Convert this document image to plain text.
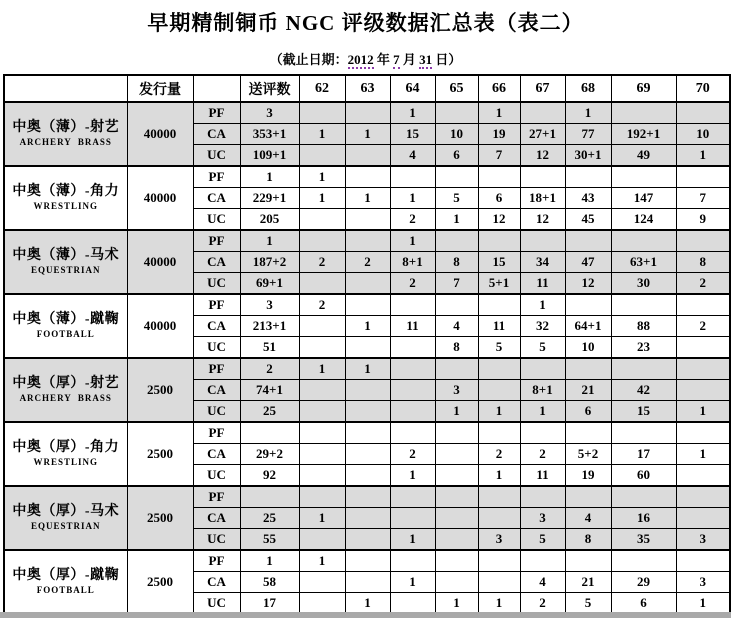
早期精制铜币 NGC 评级数据汇总表（表二）
（截止日期：2012 年 7 月 31 日）
	发行量		送评数	62	63	64	65	66	67	68	69	70

中奥（薄）-射艺
ARCHERY  BRASS	40000	PF	3			1		1		1		
		CA	353+1	1	1	15	10	19	27+1	77	192+1	10
		UC	109+1			4	6	7	12	30+1	49	1

中奥（薄）-角力
WRESTLING	40000	PF	1	1								
		CA	229+1	1	1	1	5	6	18+1	43	147	7
		UC	205			2	1	12	12	45	124	9

中奥（薄）-马术
EQUESTRIAN	40000	PF	1			1						
		CA	187+2	2	2	8+1	8	15	34	47	63+1	8
		UC	69+1			2	7	5+1	11	12	30	2

中奥（薄）-蹴鞠
FOOTBALL	40000	PF	3	2					1			
		CA	213+1		1	11	4	11	32	64+1	88	2
		UC	51				8	5	5	10	23	

中奥（厚）-射艺
ARCHERY  BRASS	2500	PF	2	1	1							
		CA	74+1				3		8+1	21	42	
		UC	25				1	1	1	6	15	1

中奥（厚）-角力
WRESTLING	2500	PF										
		CA	29+2			2		2	2	5+2	17	1
		UC	92			1		1	11	19	60	

中奥（厚）-马术
EQUESTRIAN	2500	PF										
		CA	25	1					3	4	16	
		UC	55			1		3	5	8	35	3

中奥（厚）-蹴鞠
FOOTBALL	2500	PF	1	1								
		CA	58			1			4	21	29	3
		UC	17		1		1	1	2	5	6	1
